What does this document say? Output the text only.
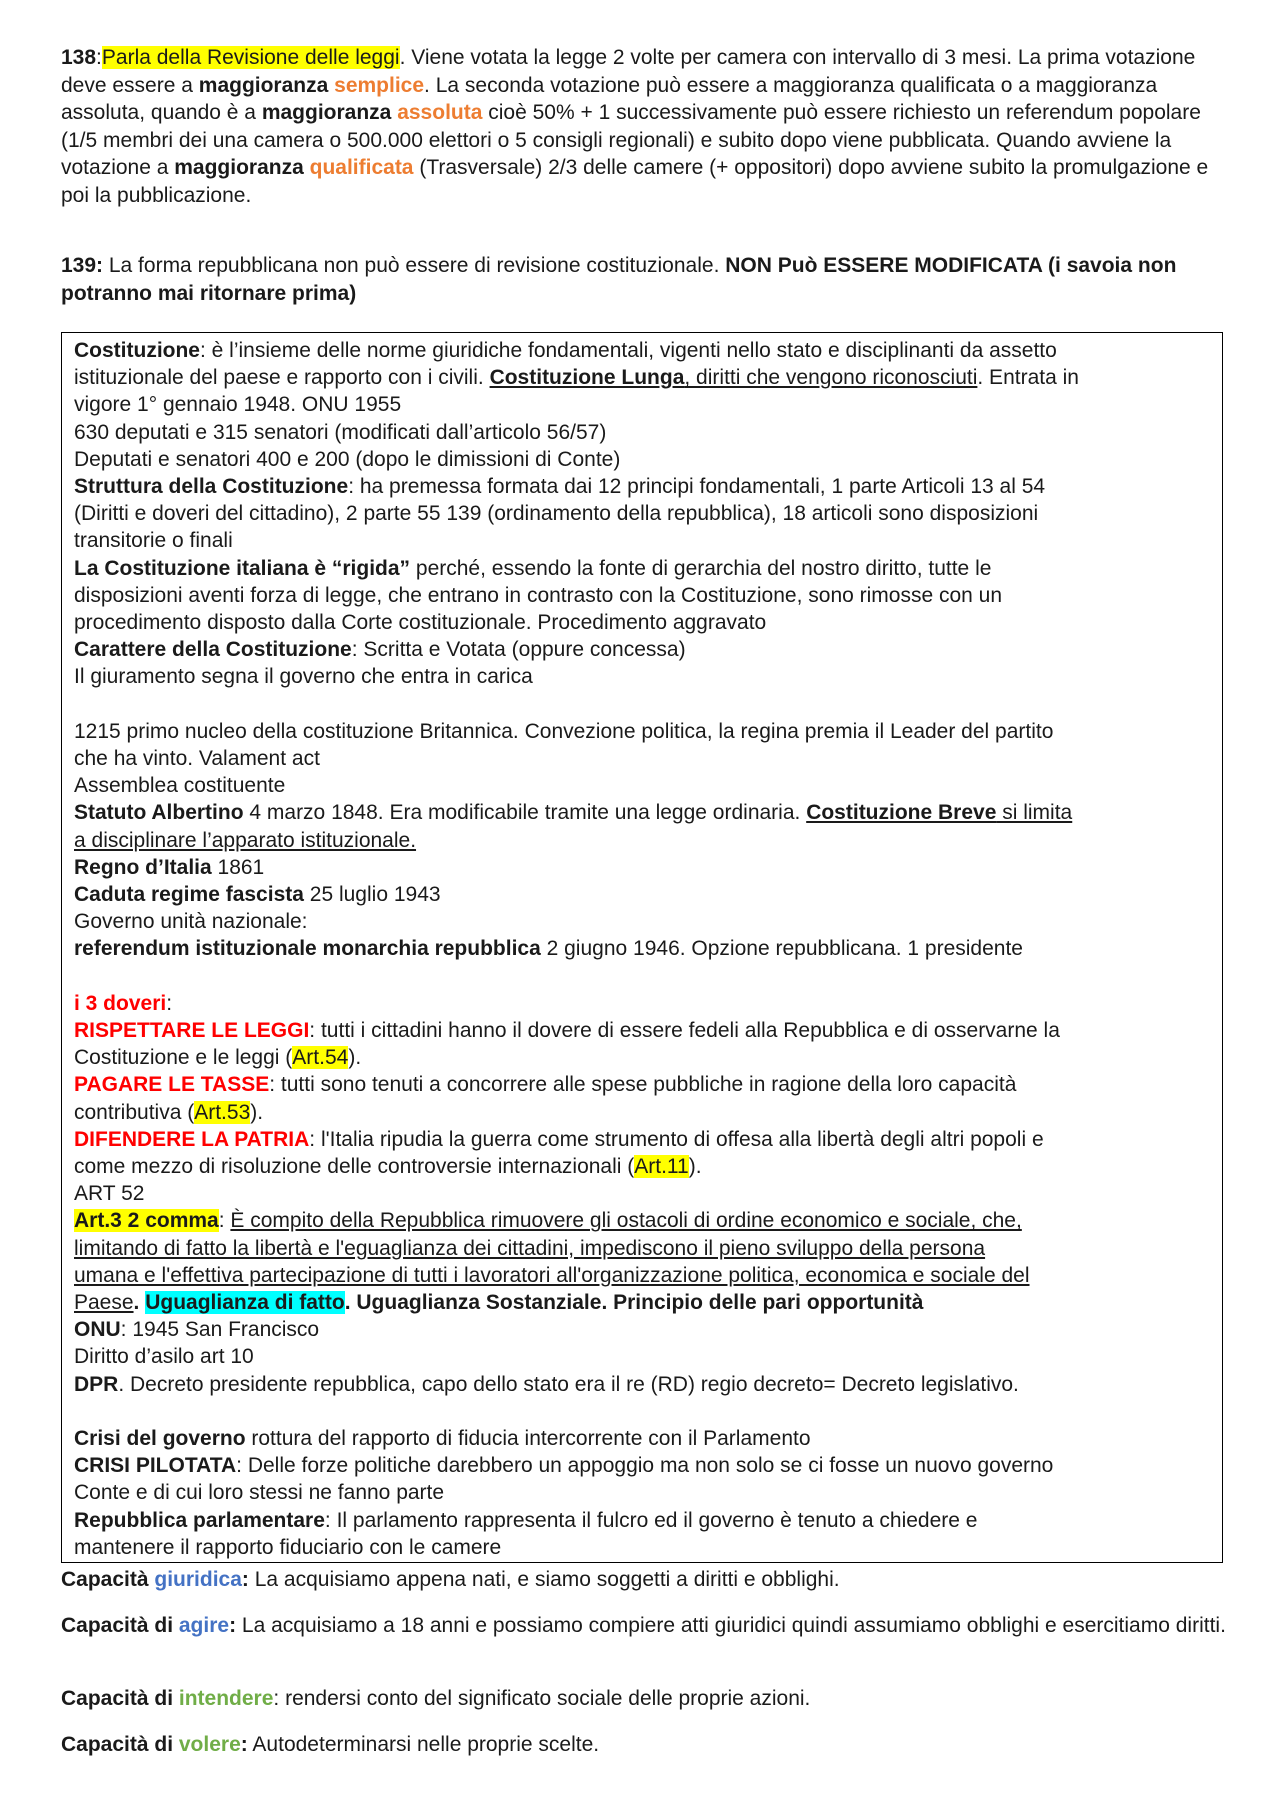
138:Parla della Revisione delle leggi. Viene votata la legge 2 volte per camera con intervallo di 3 mesi. La prima votazione deve essere a maggioranza semplice. La seconda votazione può essere a maggioranza qualificata o a maggioranza assoluta, quando è a maggioranza assoluta cioè 50% + 1 successivamente può essere richiesto un referendum popolare (1/5 membri dei una camera o 500.000 elettori o 5 consigli regionali) e subito dopo viene pubblicata. Quando avviene la votazione a maggioranza qualificata (Trasversale) 2/3 delle camere (+ oppositori) dopo avviene subito la promulgazione e poi la pubblicazione.

139: La forma repubblicana non può essere di revisione costituzionale. NON Può ESSERE MODIFICATA (i savoia non potranno mai ritornare prima)

Costituzione: è l’insieme delle norme giuridiche fondamentali, vigenti nello stato e disciplinanti da assetto
istituzionale del paese e rapporto con i civili. Costituzione Lunga, diritti che vengono riconosciuti. Entrata in
vigore 1° gennaio 1948. ONU 1955
630 deputati e 315 senatori (modificati dall’articolo 56/57)
Deputati e senatori 400 e 200 (dopo le dimissioni di Conte)
Struttura della Costituzione: ha premessa formata dai 12 principi fondamentali, 1 parte Articoli 13 al 54
(Diritti e doveri del cittadino), 2 parte 55 139 (ordinamento della repubblica), 18 articoli sono disposizioni
transitorie o finali
La Costituzione italiana è “rigida” perché, essendo la fonte di gerarchia del nostro diritto, tutte le
disposizioni aventi forza di legge, che entrano in contrasto con la Costituzione, sono rimosse con un
procedimento disposto dalla Corte costituzionale. Procedimento aggravato
Carattere della Costituzione: Scritta e Votata (oppure concessa)
Il giuramento segna il governo che entra in carica
1215 primo nucleo della costituzione Britannica. Convezione politica, la regina premia il Leader del partito
che ha vinto. Valament act
Assemblea costituente
Statuto Albertino 4 marzo 1848. Era modificabile tramite una legge ordinaria. Costituzione Breve si limita
a disciplinare l’apparato istituzionale.
Regno d’Italia 1861
Caduta regime fascista 25 luglio 1943
Governo unità nazionale:
referendum istituzionale monarchia repubblica 2 giugno 1946. Opzione repubblicana. 1 presidente
i 3 doveri:
RISPETTARE LE LEGGI: tutti i cittadini hanno il dovere di essere fedeli alla Repubblica e di osservarne la
Costituzione e le leggi (Art.54).
PAGARE LE TASSE: tutti sono tenuti a concorrere alle spese pubbliche in ragione della loro capacità
contributiva (Art.53).
DIFENDERE LA PATRIA: l'Italia ripudia la guerra come strumento di offesa alla libertà degli altri popoli e
come mezzo di risoluzione delle controversie internazionali (Art.11).
ART 52
Art.3 2 comma: È compito della Repubblica rimuovere gli ostacoli di ordine economico e sociale, che,
limitando di fatto la libertà e l'eguaglianza dei cittadini, impediscono il pieno sviluppo della persona
umana e l'effettiva partecipazione di tutti i lavoratori all'organizzazione politica, economica e sociale del
Paese. Uguaglianza di fatto. Uguaglianza Sostanziale. Principio delle pari opportunità
ONU: 1945 San Francisco
Diritto d’asilo art 10
DPR. Decreto presidente repubblica, capo dello stato era il re (RD) regio decreto= Decreto legislativo.
Crisi del governo rottura del rapporto di fiducia intercorrente con il Parlamento
CRISI PILOTATA: Delle forze politiche darebbero un appoggio ma non solo se ci fosse un nuovo governo
Conte e di cui loro stessi ne fanno parte
Repubblica parlamentare: Il parlamento rappresenta il fulcro ed il governo è tenuto a chiedere e
mantenere il rapporto fiduciario con le camere

Capacità giuridica: La acquisiamo appena nati, e siamo soggetti a diritti e obblighi.

Capacità di agire: La acquisiamo a 18 anni e possiamo compiere atti giuridici quindi assumiamo obblighi e esercitiamo diritti.

Capacità di intendere: rendersi conto del significato sociale delle proprie azioni.

Capacità di volere: Autodeterminarsi nelle proprie scelte.
